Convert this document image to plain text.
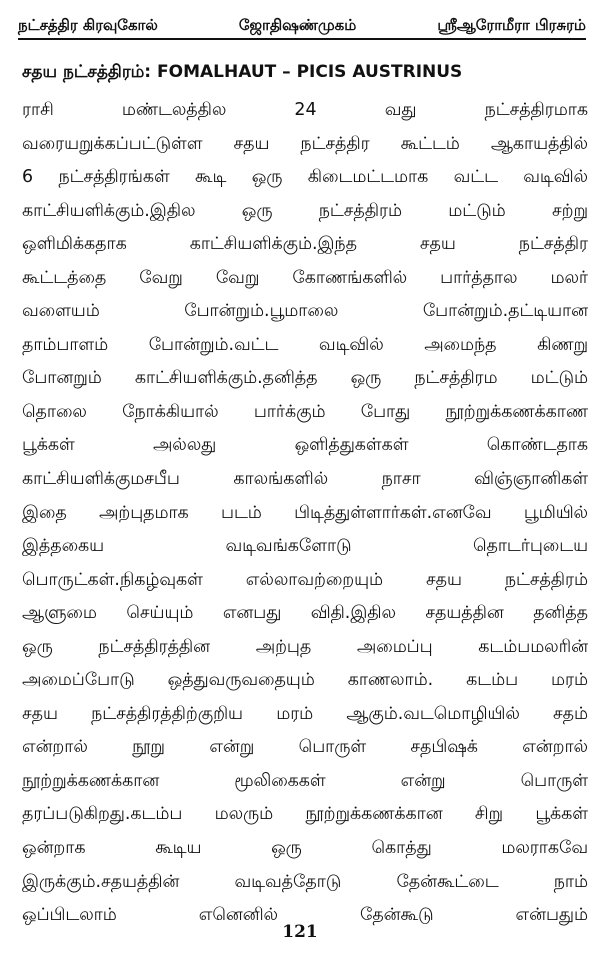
நட்சத்திர கிரவுகோல்	ஜோதிஷண்முகம்	ஸ்ரீஆரோமீரா பிரசுரம்
சதய நட்சத்திரம்: FOMALHAUT – PICIS AUSTRINUS
ராசி மண்டலத்தில 24 வது நட்சத்திரமாக
வரையறுக்கப்பட்டுள்ள சதய நட்சத்திர கூட்டம் ஆகாயத்தில்
6 நட்சத்திரங்கள் கூடி ஒரு கிடைமட்டமாக வட்ட வடிவில்
காட்சியளிக்கும்.இதில ஒரு நட்சத்திரம் மட்டும் சற்று
ஒளிமிக்கதாக காட்சியளிக்கும்.இந்த சதய நட்சத்திர
கூட்டத்தை வேறு வேறு கோணங்களில் பார்த்தால மலர்
வளையம் போன்றும்.பூமாலை போன்றும்.தட்டியான
தாம்பாளம் போன்றும்.வட்ட வடிவில் அமைந்த கிணறு
போனறும் காட்சியளிக்கும்.தனித்த ஒரு நட்சத்திரம மட்டும்
தொலை நோக்கியால் பார்க்கும் போது நூற்றுக்கணக்காண
பூக்கள் அல்லது ஒளித்துகள்கள் கொண்டதாக
காட்சியளிக்குமசபீப காலங்களில் நாசா விஞ்ஞானிகள்
இதை அற்புதமாக படம் பிடித்துள்ளார்கள்.எனவே பூமியில்
இத்தகைய வடிவங்களோடு தொடர்புடைய
பொருட்கள்.நிகழ்வுகள் எல்லாவற்றையும் சதய நட்சத்திரம்
ஆளுமை செய்யும் எனபது விதி.இதில சதயத்தின தனித்த
ஒரு நட்சத்திரத்தின அற்புத அமைப்பு கடம்பமலரின்
அமைப்போடு ஒத்துவருவதையும் காணலாம். கடம்ப மரம்
சதய நட்சத்திரத்திற்குறிய மரம் ஆகும்.வடமொழியில் சதம்
என்றால் நூறு என்று பொருள் சதபிஷக் என்றால்
நூற்றுக்கணக்கான மூலிகைகள் என்று பொருள்
தரப்படுகிறது.கடம்ப மலரும் நூற்றுக்கணக்கான சிறு பூக்கள்
ஒன்றாக கூடிய ஒரு கொத்து மலராகவே
இருக்கும்.சதயத்தின் வடிவத்தோடு தேன்கூட்டை நாம்
ஒப்பிடலாம் எனெனில் தேன்கூடு என்பதும்
121
